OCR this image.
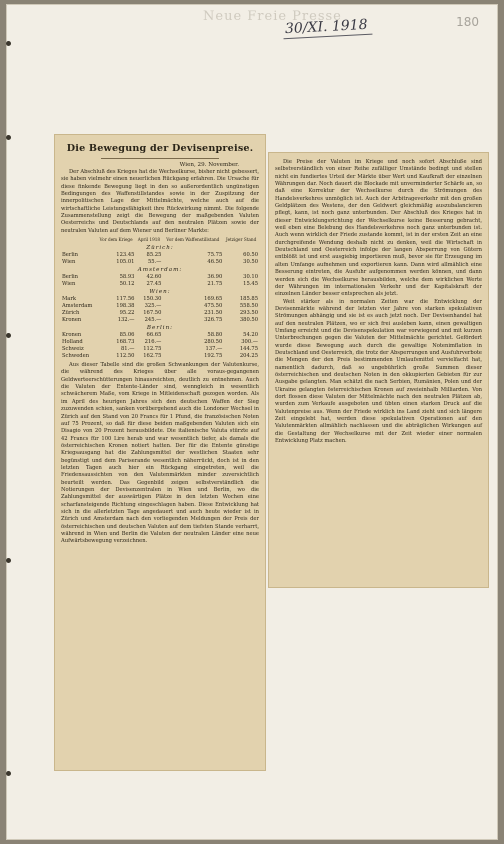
Neue Freie Presse
30/XI. 1918	180
Die Bewegung der Devisenpreise.
Wien, 29. November.

Der Abschluß des Krieges hat die Wechselkurse, bisher nicht gebessert, sie haben vielmehr einen neuerlichen Rückgang erfahren. Die Ursache für diese finkende Bewegung liegt in den so außerordentlich ungünstigen Bedingungen des Waffenstillstandes sowie in der Zuspitzung der innerpolitischen Lage der Mittelmächte, welche auch auf die wirtschaftliche Leistungsfähigkeit ihre Rückwirkung nimmt. Die folgende Zusammenstellung zeigt die Bewegung der maßgebenden Valuten Oesterreichs und Deutschlands auf den neutralen Plätzen sowie der neutralen Valuten auf dem Wiener und Berliner Markte:

	Vor dem Kriege	April 1918	Vor dem Waffenstillstand	Jetziger Stand
Zürich:				
Berlin	123.45	85.25	75.75	60.50
Wien	105.01	55.—	46.50	30.50
Amsterdam:				
Berlin	58.93	42.60	36.90	30.10
Wien	50.12	27.45	21.75	15.45
Wien:				
Mark	117.56	150.30	169.65	185.85
Amsterdam	198.38	325.—	475.50	558.50
Zürich	95.22	167.50	231.50	293.50
Kronen	132.—	245.—	326.75	380.50
Berlin:				
Kronen	85.06	66.65	58.80	54.20
Holland	168.73	216.—	280.50	300.—
Schweiz	81.—	112.75	137.—	144.75
Schweden	112.50	162.75	192.75	204.25

Aus dieser Tabelle sind die großen Schwankungen der Valutenkurse, die während des Krieges über alle voraus-gegangenen Geldwerteerschütterungen hinausreichten, deutlich zu entnehmen. Auch die Valuten der Entente-Länder sind, wenngleich in wesentlich schwächerem Maße, vom Kriege in Mitleidenschaft gezogen worden. Als im April des heurigen Jahres sich den deutschen Waffen der Sieg zuzuwenden schien, sanken vorübergehend auch die Londoner Wechsel in Zürich auf den Stand von 20 Francs für 1 Pfund, die französischen Noten auf 75 Prozent, so daß für diese beiden maßgebenden Valuten sich ein Disagio von 20 Prozent herausbildete. Die italienische Valuta stürzte auf 42 Francs für 100 Lire herab und war wesentlich tiefer, als damals die österreichischen Kronen notiert hatten. Der für die Entente günstige Kriegsausgang hat die Zahlungsmittel der westlichen Staaten sehr begünstigt und dem Pariserande wesentlich näherrückt, doch ist in den letzten Tagen auch hier ein Rückgang eingetreten, weil die Friedensaussichten von den Valutenmärkten minder zuversichtlich beurteilt werden. Das Gegenbild zeigen selbstverständlich die Notierungen der Devisenzentralen in Wien und Berlin, wo die Zahlungsmittel der auswärtigen Plätze in den letzten Wochen eine scharfansteigende Richtung eingeschlagen haben. Diese Entwicklung hat sich in die allerletzten Tage angedauert und auch heute wieder ist in Zürich und Amsterdam nach den vorliegenden Meldungen der Preis der österreichischen und deutschen Valuten auf dem tiefsten Stande verharrt, während in Wien und Berlin die Valuten der neutralen Länder eine neue Aufwärtsbewegung verzeichnen.

Die Preise der Valuten im Kriege und noch sofort Abschluße sind selbstverständlich von einer Reihe zufälliger Umstände bedingt und stellen nicht ein fundiertes Urteil der Märkte über Wert und Kaufkraft der einzelnen Währungen dar. Noch dauert die Blockade mit unverminderter Schärfe an, so daß eine Korrektur der Wechselkurse durch die Strömungen des Handelsverkehres unmöglich ist. Auch der Arbitrageverkehr mit den großen Geldplätzen des Westens, der den Geldwert gleichmäßig auszubalancieren pflegt, kann, ist noch ganz unterbunden. Der Abschluß des Krieges hat in dieser Entwicklungsrichtung der Wechselkurse keine Besserung gebracht, weil eben eine Belebung des Handelsverkehres noch ganz unterbunden ist. Auch wenn wirklich der Friede zustande kommt, ist in der ersten Zeit an eine durchgreifende Wendung deshalb nicht zu denken, weil die Wirtschaft in Deutschland und Oesterreich infolge der langen Absperrung von Gütern entblößt ist und erst ausgiebig importieren muß, bevor sie für Erzeugung im alten Umfange aufnehmen und exportieren kann. Dann wird allmählich eine Besserung eintreten, die Ausfuhr aufgenommen werden können, und dann werden sich die Wechselkurse herausbilden, welche dem wirklichen Werte der Währungen im internationalen Verkehr und der Kapitalskraft der einzelnen Länder besser entsprechen als jetzt.

Weit stärker als in normalen Zeiten war die Entwicklung der Devisenmärkte während der letzten vier Jahre von starken spekulativen Strömungen abhängig und sie ist es auch jetzt noch. Der Devisenhandel hat auf den neutralen Plätzen, wo er sich frei ausleben kann, einen gewaltigen Umfang erreicht und die Devisenspekulation war vorwiegend und mit kurzen Unterbrechungen gegen die Valuten der Mittelmächte gerichtet. Gefördert wurde diese Bewegung auch durch die gewaltige Notenimflation in Deutschland und Oesterreich, die trotz der Absperrungen und Ausfuhrverbote die Mengen der den Preis bestimmenden Umlaufsmittel vervielfacht hat, namentlich dadurch, daß so ungebührlich große Summen dieser österreichischen und deutschen Noten in den okkupierten Gebieten für zur Ausgabe gelangten. Man schätzt die nach Serbien, Rumänien, Polen und der Ukraine gelangten österreichischen Kronen auf zweieinhalb Milliarden. Von dort flossen diese Valuten der Mittelmächte nach den neutralen Plätzen ab, wurden zum Verkaufe ausgeboten und übten einen starken Druck auf die Valutenpreise aus. Wenn der Friede wirklich ins Land zieht und sich längere Zeit eingelebt hat, werden diese spekulativen Operationen auf den Valutenmärkten allmählich nachlassen und die abträglichen Wirkungen auf die Gestaltung der Wechselkurse mit der Zeit wieder einer normalen Entwicklung Platz machen.
